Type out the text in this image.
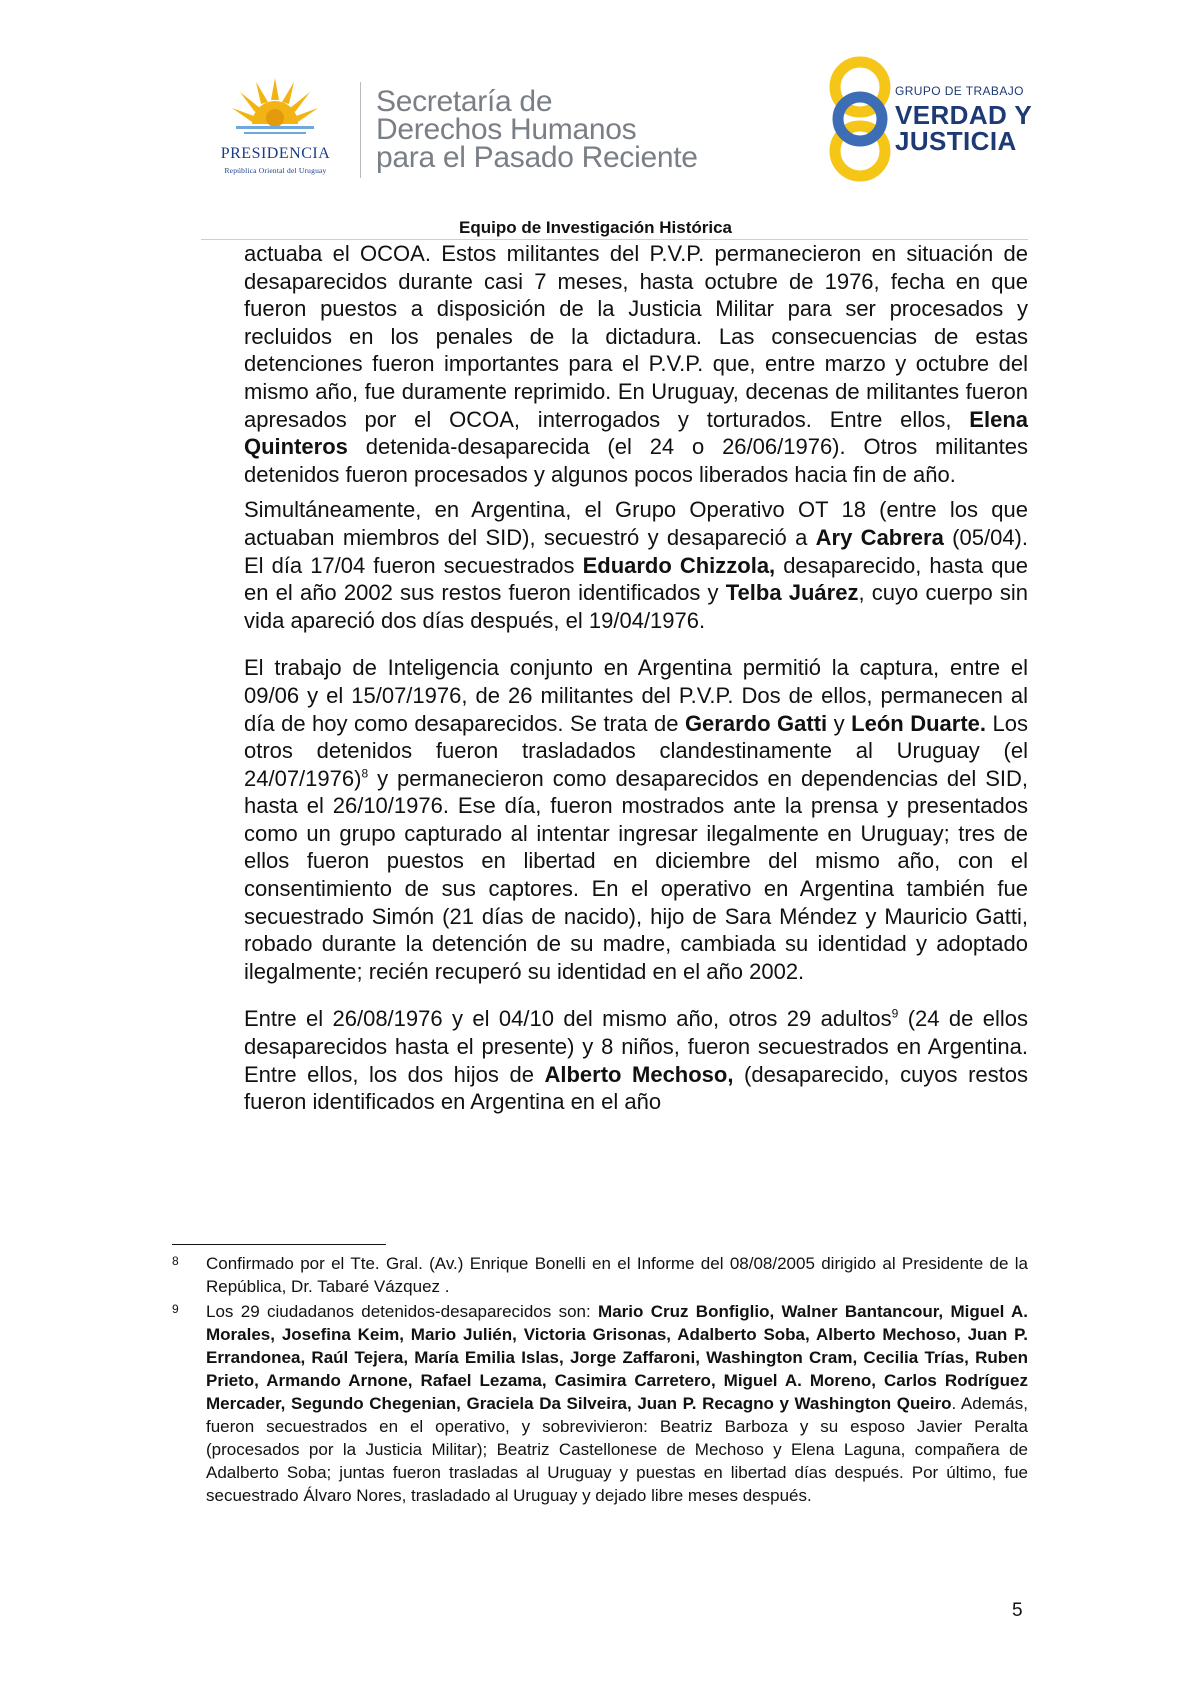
PRESIDENCIA
República Oriental del Uruguay
Secretaría de
Derechos Humanos
para el Pasado Reciente
GRUPO DE TRABAJO
VERDAD Y
JUSTICIA
Equipo de Investigación Histórica

actuaba el OCOA. Estos militantes del P.V.P. permanecieron en situación de desaparecidos durante casi 7 meses, hasta octubre de 1976, fecha en que fueron puestos a disposición de la Justicia Militar para ser procesados y recluidos en los penales de la dictadura. Las consecuencias de estas detenciones fueron importantes para el P.V.P. que, entre marzo y octubre del mismo año, fue duramente reprimido. En Uruguay, decenas de militantes fueron apresados por el OCOA, interrogados y torturados. Entre ellos, Elena Quinteros detenida-desaparecida (el 24 o 26/06/1976). Otros militantes detenidos fueron procesados y algunos pocos liberados hacia fin de año.

Simultáneamente, en Argentina, el Grupo Operativo OT 18 (entre los que actuaban miembros del SID), secuestró y desapareció a Ary Cabrera (05/04). El día 17/04 fueron secuestrados Eduardo Chizzola, desaparecido, hasta que en el año 2002 sus restos fueron identificados y Telba Juárez, cuyo cuerpo sin vida apareció dos días después, el 19/04/1976.

El trabajo de Inteligencia conjunto en Argentina permitió la captura, entre el 09/06 y el 15/07/1976, de 26 militantes del P.V.P. Dos de ellos, permanecen al día de hoy como desaparecidos. Se trata de Gerardo Gatti y León Duarte. Los otros detenidos fueron trasladados clandestinamente al Uruguay (el 24/07/1976)$^8$ y permanecieron como desaparecidos en dependencias del SID, hasta el 26/10/1976. Ese día, fueron mostrados ante la prensa y presentados como un grupo capturado al intentar ingresar ilegalmente en Uruguay; tres de ellos fueron puestos en libertad en diciembre del mismo año, con el consentimiento de sus captores. En el operativo en Argentina también fue secuestrado Simón (21 días de nacido), hijo de Sara Méndez y Mauricio Gatti, robado durante la detención de su madre, cambiada su identidad y adoptado ilegalmente; recién recuperó su identidad en el año 2002.

Entre el 26/08/1976 y el 04/10 del mismo año, otros 29 adultos$^9$ (24 de ellos desaparecidos hasta el presente) y 8 niños, fueron secuestrados en Argentina. Entre ellos, los dos hijos de Alberto Mechoso, (desaparecido, cuyos restos fueron identificados en Argentina en el año

8 Confirmado por el Tte. Gral. (Av.) Enrique Bonelli en el Informe del 08/08/2005 dirigido al Presidente de la República, Dr. Tabaré Vázquez .
9 Los 29 ciudadanos detenidos-desaparecidos son: Mario Cruz Bonfiglio, Walner Bantancour, Miguel A. Morales, Josefina Keim, Mario Julién, Victoria Grisonas, Adalberto Soba, Alberto Mechoso, Juan P. Errandonea, Raúl Tejera, María Emilia Islas, Jorge Zaffaroni, Washington Cram, Cecilia Trías, Ruben Prieto, Armando Arnone, Rafael Lezama, Casimira Carretero, Miguel A. Moreno, Carlos Rodríguez Mercader, Segundo Chegenian, Graciela Da Silveira, Juan P. Recagno y Washington Queiro. Además, fueron secuestrados en el operativo, y sobrevivieron: Beatriz Barboza y su esposo Javier Peralta (procesados por la Justicia Militar); Beatriz Castellonese de Mechoso y Elena Laguna, compañera de Adalberto Soba; juntas fueron trasladas al Uruguay y puestas en libertad días después. Por último, fue secuestrado Álvaro Nores, trasladado al Uruguay y dejado libre meses después.
5
